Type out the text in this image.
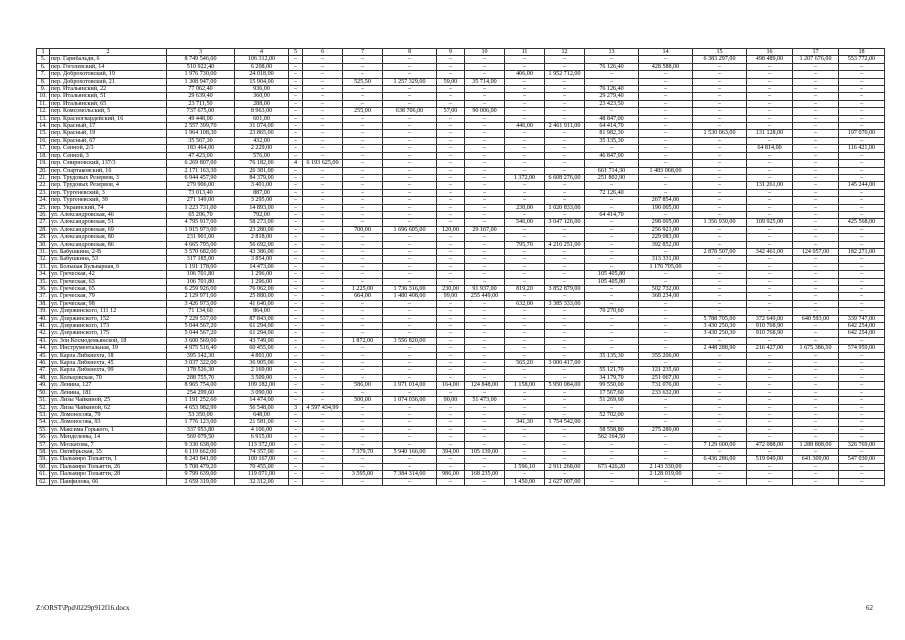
1	2	3	4	5	6	7	8	9	10	11	12	13	14	15	16	17	18
5.	пер. Гарибальди, 6	8 749 546,00	106 312,00	–	–	–	–	–	–	–	–	–	–	6 383 297,00	498 489,00	1 207 676,00	553 772,00
6.	пер. Гоголевский, 14	510 922,40	6 208,00	–	–	–	–	–	–	–	–	76 126,40	428 588,00	–	–	–	–
7.	пер. Доброхотовский, 19	1 976 730,00	24 018,00	–	–	–	–	–	–	406,00	1 952 712,00	–	–	–	–	–	–
8.	пер. Доброхотовский, 21	1 308 947,00	15 904,00	–	–	525,50	1 257 329,00	59,00	35 714,00	–	–	–	–	–	–	–	–
9.	пер. Итальянский, 22	77 062,40	936,00	–	–	–	–	–	–	–	–	76 126,40	–	–	–	–	–
10.	пер. Итальянский, 51	29 639,40	360,00	–	–	–	–	–	–	–	–	29 279,40	–	–	–	–	–
11.	пер. Итальянский, 65	23 711,50	288,00	–	–	–	–	–	–	–	–	23 423,50	–	–	–	–	–
12.	пер. Комсомольский, 5	737 675,00	8 963,00	–	–	255,00	638 706,00	57,00	90 006,00	–	–	–	–	–	–	–	–
13.	пер. Красногвардейский, 16	49 448,00	601,00	–	–	–	–	–	–	–	–	48 847,00	–	–	–	–	–
14.	пер. Красный, 17	2 557 399,70	31 074,00	–	–	–	–	–	–	446,00	2 461 911,00	64 414,70	–	–	–	–	–
15.	пер. Красный, 19	1 964 108,30	23 865,00	–	–	–	–	–	–	–	–	81 982,30	–	1 530 063,00	131 128,00	–	197 070,00
16.	пер. Красный, 67	35 567,30	432,00	–	–	–	–	–	–	–	–	35 135,30	–	–	–	–	–
17.	пер. Сенной, 2/3	183 464,00	2 229,00	–	–	–	–	–	–	–	–	–	–	–	64 814,00	–	116 421,00
18.	пер. Сенной, 3	47 423,00	576,00	–	–	–	–	–	–	–	–	46 847,00	–	–	–	–	–
19.	пер. Смирновский, 137/3	6 269 807,00	76 182,00	4	6 193 625,00	–	–	–	–	–	–	–	–	–	–	–	–
20.	пер. Спартаковский, 16	2 171 163,30	26 381,00	–	–	–	–	–	–	–	–	661 714,30	1 483 068,00	–	–	–	–
21.	пер. Трудовых Резервов, 3	6 944 457,90	84 379,00	–	–	–	–	–	–	1 372,00	6 608 276,00	251 802,90	–	–	–	–	–
22.	пер. Трудовых Резервов, 4	279 906,00	3 401,00	–	–	–	–	–	–	–	–	–	–	–	131 261,00	–	145 244,00
23.	пер. Тургеневский, 3	73 013,40	887,00	–	–	–	–	–	–	–	–	72 126,40	–	–	–	–	–
24.	пер. Тургеневский, 39	271 149,00	3 295,00	–	–	–	–	–	–	–	–	–	267 854,00	–	–	–	–
25.	пер. Украинский, 74	1 223 731,00	14 893,00	–	–	–	–	–	–	230,00	1 020 833,00	–	190 005,00	–	–	–	–
26.	ул. Александровская, 46	65 206,70	792,00	–	–	–	–	–	–	–	–	64 414,70	–	–	–	–	–
27.	ул. Александровская, 51	4 795 917,00	58 273,00	–	–	–	–	–	–	546,00	3 047 126,00	–	298 005,00	1 356 930,00	109 925,00	–	425 568,00
28.	ул. Александровская, 69	1 915 973,00	23 280,00	–	–	700,00	1 696 605,00	120,00	29 167,00	–	–	–	256 921,00	–	–	–	–
29.	ул. Александровская, 80	231 901,00	2 818,00	–	–	–	–	–	–	–	–	–	229 083,00	–	–	–	–
30.	ул. Александровская, 86	4 665 795,00	56 692,00	–	–	–	–	–	–	795,70	4 216 251,00	–	392 852,00	–	–	–	–
31.	ул. Бабушкина, 2-В	3 570 682,00	43 386,00	–	–	–	–	–	–	–	–	–	–	2 878 507,00	342 461,00	124 057,00	182 271,00
32.	ул. Бабушкина, 53	317 185,00	3 854,00	–	–	–	–	–	–	–	–	–	313 331,00	–	–	–	–
33.	ул. Большая Бульварная, 6	1 191 178,00	14 473,00	–	–	–	–	–	–	–	–	–	1 176 705,00	–	–	–	–
34.	ул. Греческая, 42	106 701,80	1 296,00	–	–	–	–	–	–	–	–	105 405,80	–	–	–	–	–
35.	ул. Греческая, 63	106 701,80	1 296,00	–	–	–	–	–	–	–	–	105 405,80	–	–	–	–	–
36.	ул. Греческая, 65	6 259 926,00	76 062,00	–	–	1 225,00	1 736 316,00	230,00	91 937,00	819,20	3 852 879,00	–	502 732,00	–	–	–	–
37.	ул. Греческая, 79	2 129 971,00	25 880,00	–	–	664,00	1 480 408,00	99,00	255 449,00	–	–	–	368 234,00	–	–	–	–
38.	ул. Греческая, 98	3 426 973,00	41 640,00	–	–	–	–	–	–	632,00	3 385 333,00	–	–	–	–	–	–
39.	ул. Дзержинского, 111 12	71 134,60	864,00	–	–	–	–	–	–	–	–	70 270,60	–	–	–	–	–
40.	ул. Дзержинского, 152	7 229 537,00	87 843,00	–	–	–	–	–	–	–	–	–	–	5 788 705,00	372 649,00	640 593,00	339 747,00
41.	ул. Дзержинского, 173	5 044 567,20	61 294,00	–	–	–	–	–	–	–	–	–	–	3 430 250,30	910 768,90	–	642 254,00
42.	ул. Дзержинского, 175	5 044 567,20	61 294,00	–	–	–	–	–	–	–	–	–	–	3 430 250,30	910 768,90	–	642 254,00
43.	ул. Зои Космодемьянской, 18	3 600 569,00	43 749,00	–	–	1 872,00	3 556 820,00	–	–	–	–	–	–	–	–	–	–
44.	ул. Инструментальная, 19	4 975 516,40	60 455,00	–	–	–	–	–	–	–	–	–	–	2 448 288,90	216 427,00	1 675 386,50	574 959,00
45.	ул. Карла Либкнехта, 18	395 142,30	4 801,00	–	–	–	–	–	–	–	–	35 135,30	355 206,00	–	–	–	–
46.	ул. Карла Либкнехта, 45	3 037 322,00	36 905,00	–	–	–	–	–	–	565,20	3 000 417,00	–	–	–	–	–	–
47.	ул. Карла Либкнехта, 99	178 526,30	2 169,00	–	–	–	–	–	–	–	–	55 121,70	121 235,60	–	–	–	–
48.	ул. Кольцовская, 70	288 755,70	3 509,00	–	–	–	–	–	–	–	–	34 179,70	251 067,00	–	–	–	–
49.	ул. Ленина, 127	8 965 754,00	109 182,00	–	–	586,00	1 971 014,00	164,00	124 848,00	1 158,00	5 950 084,00	99 550,00	731 076,00	–	–	–	–
50.	ул. Ленина, 181	254 299,60	3 090,00	–	–	–	–	–	–	–	–	17 567,60	233 632,00	–	–	–	–
51.	ул. Лизы Чайкиной, 25	1 191 252,60	14 474,00	–	–	500,00	1 074 036,00	90,00	51 473,00	–	–	51 269,60	–	–	–	–	–
52.	ул. Лизы Чайкиной, 62	4 653 982,99	56 548,00	3	4 597 434,99	–	–	–	–	–	–	–	–	–	–	–	–
53.	ул. Ломоносова, 79	53 350,00	648,00	–	–	–	–	–	–	–	–	52 702,00	–	–	–	–	–
54.	ул. Ломоносова, 93	1 776 123,00	21 581,00	–	–	–	–	–	–	341,30	1 754 542,00	–	–	–	–	–	–
55.	ул. Максима Горького, 1	337 953,80	4 106,00	–	–	–	–	–	–	–	–	58 558,80	275 289,00	–	–	–	–
56.	ул. Менделеева, 14	569 079,50	6 915,00	–	–	–	–	–	–	–	–	562 164,50	–	–	–	–	–
57.	ул. Москатова, 7	9 330 638,00	113 372,00	–	–	–	–	–	–	–	–	–	–	7 129 600,00	472 088,00	1 288 808,00	326 769,00
58.	ул. Октябрьская, 35	6 119 662,00	74 357,00	–	–	7 379,70	5 940 166,00	394,00	105 139,00	–	–	–	–	–	–	–	–
59.	ул. Пальмиро Тольятти, 1	8 243 841,00	100 167,00	–	–	–	–	–	–	–	–	–	–	6 436 286,00	519 049,00	641 309,00	547 030,00
60.	ул. Пальмиро Тольятти, 26	5 708 479,20	70 455,00	–	–	–	–	–	–	1 596,10	2 911 268,00	673 426,20	2 143 330,00	–	–	–	–
61.	ул. Пальмиро Тольятти, 28	9 799 639,00	119 071,00	–	–	3 595,00	7 384 314,00	986,00	168 235,00	–	–	–	2 128 019,00	–	–	–	–
62.	ул. Панфилова, 66	2 659 319,00	32 312,00	–	–	–	–	–	–	1 450,00	2 627 007,00	–	–	–	–	–	–
Z:\ORST\Ppd\0229p912f16.docx	62
